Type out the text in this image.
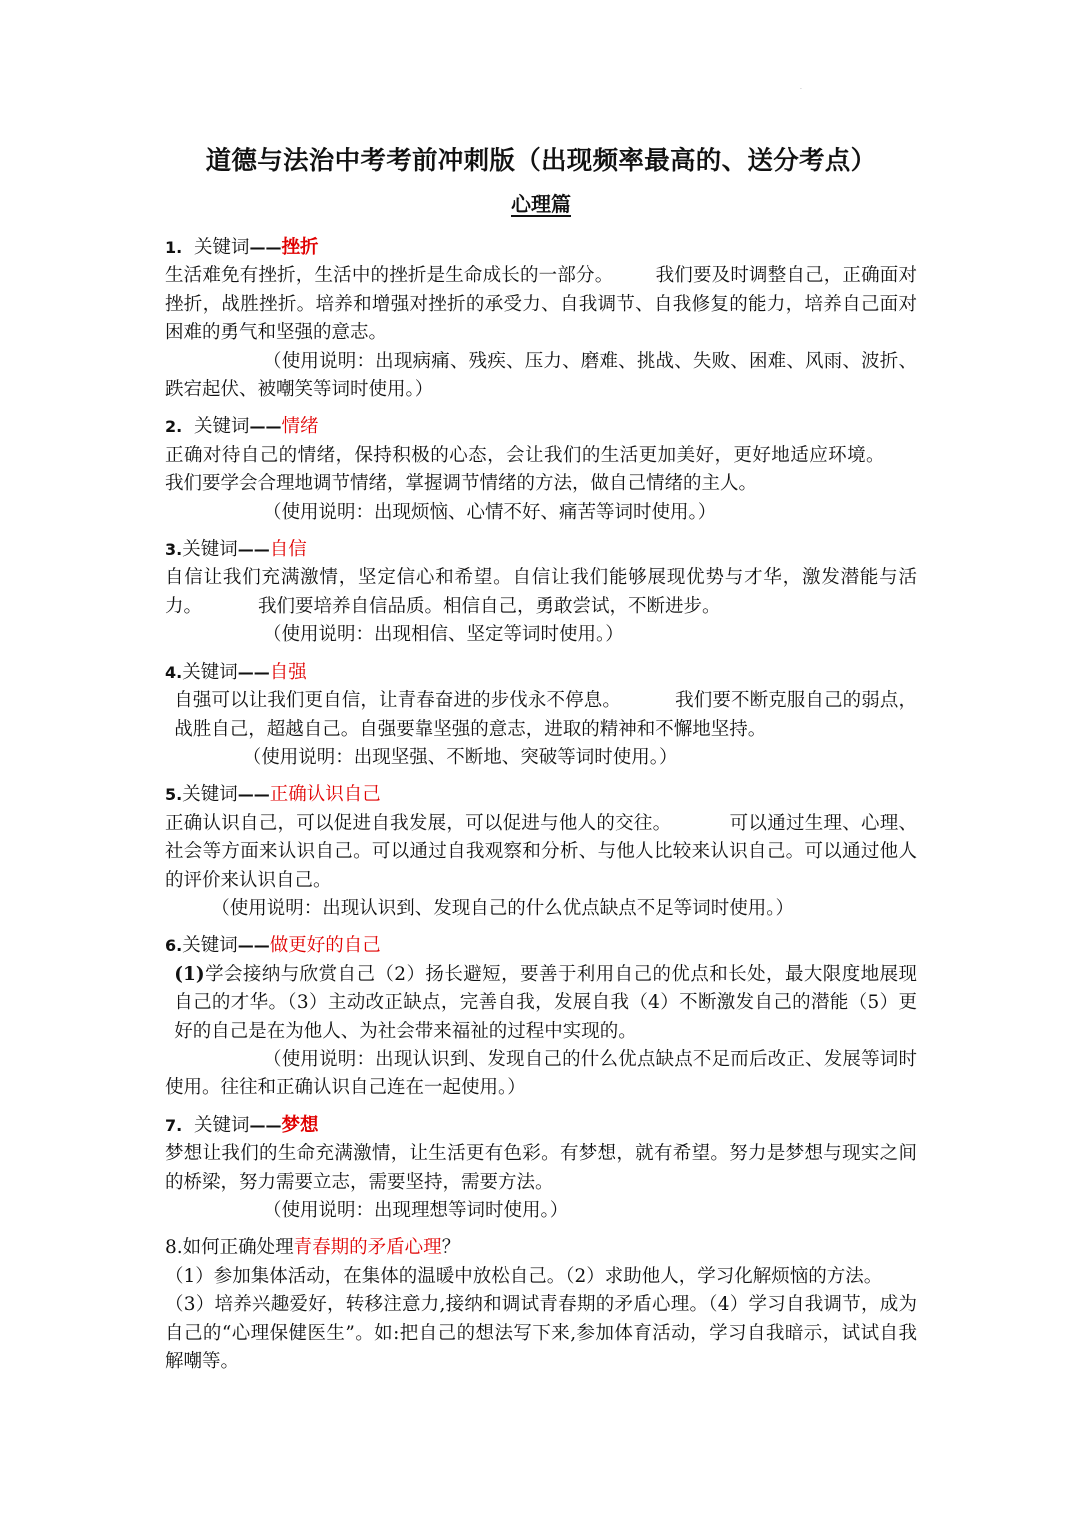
·
道德与法治中考考前冲刺版（出现频率最高的、送分考点）
心理篇
1. 关键词——挫折
生活难免有挫折，生活中的挫折是生命成长的一部分。 我们要及时调整自己，正确面对挫折，战胜挫折。培养和增强对挫折的承受力、自我调节、自我修复的能力，培养自己面对困难的勇气和坚强的意志。
（使用说明：出现病痛、残疾、压力、磨难、挑战、失败、困难、风雨、波折、跌宕起伏、被嘲笑等词时使用。）
2. 关键词——情绪
正确对待自己的情绪，保持积极的心态，会让我们的生活更加美好，更好地适应环境。我们要学会合理地调节情绪，掌握调节情绪的方法，做自己情绪的主人。
（使用说明：出现烦恼、心情不好、痛苦等词时使用。）
3.关键词——自信
自信让我们充满激情，坚定信心和希望。自信让我们能够展现优势与才华，激发潜能与活力。	我们要培养自信品质。相信自己，勇敢尝试，不断进步。
（使用说明：出现相信、坚定等词时使用。）
4.关键词——自强
自强可以让我们更自信，让青春奋进的步伐永不停息。	我们要不断克服自己的弱点，战胜自己，超越自己。自强要靠坚强的意志，进取的精神和不懈地坚持。
（使用说明：出现坚强、不断地、突破等词时使用。）
5.关键词——正确认识自己
正确认识自己，可以促进自我发展，可以促进与他人的交往。	可以通过生理、心理、社会等方面来认识自己。可以通过自我观察和分析、与他人比较来认识自己。可以通过他人的评价来认识自己。
（使用说明：出现认识到、发现自己的什么优点缺点不足等词时使用。）
6.关键词——做更好的自己
(1)学会接纳与欣赏自己（2）扬长避短，要善于利用自己的优点和长处，最大限度地展现自己的才华。（3）主动改正缺点，完善自我，发展自我（4）不断激发自己的潜能（5）更好的自己是在为他人、为社会带来福祉的过程中实现的。
（使用说明：出现认识到、发现自己的什么优点缺点不足而后改正、发展等词时使用。往往和正确认识自己连在一起使用。）
7. 关键词——梦想
梦想让我们的生命充满激情，让生活更有色彩。有梦想，就有希望。努力是梦想与现实之间的桥梁，努力需要立志，需要坚持，需要方法。
（使用说明：出现理想等词时使用。）
8.如何正确处理青春期的矛盾心理？
（1）参加集体活动，在集体的温暖中放松自己。（2）求助他人，学习化解烦恼的方法。
（3）培养兴趣爱好，转移注意力,接纳和调试青春期的矛盾心理。（4）学习自我调节，成为自己的“心理保健医生”。如:把自己的想法写下来,参加体育活动，学习自我暗示，试试自我解嘲等。
